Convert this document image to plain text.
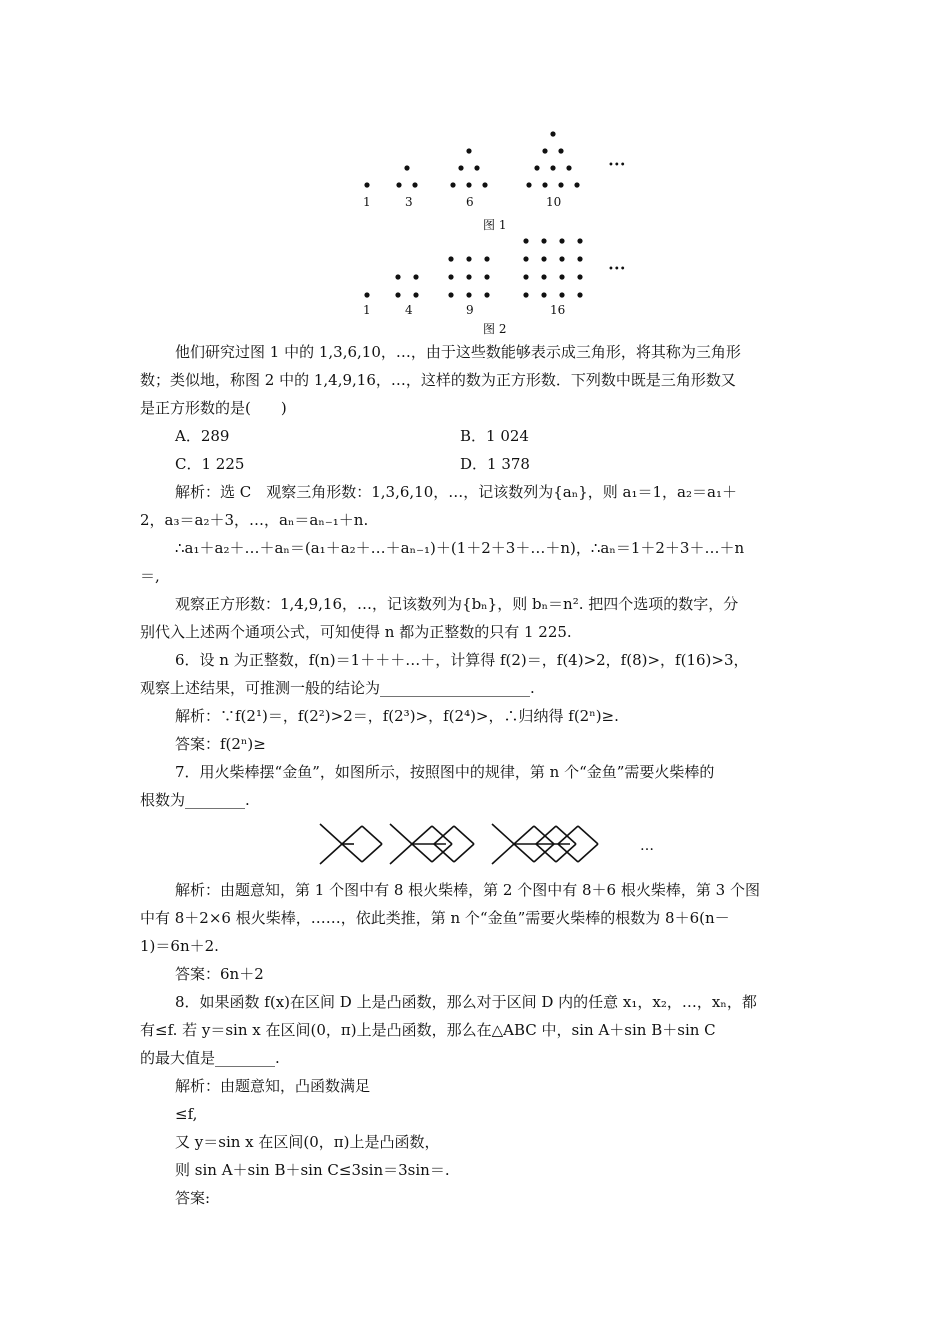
1	3	6	10
•••
图 1
1	4	9	16
•••
图 2
他们研究过图 1 中的 1,3,6,10，…，由于这些数能够表示成三角形，将其称为三角形
数；类似地，称图 2 中的 1,4,9,16，…，这样的数为正方形数．下列数中既是三角形数又
是正方形数的是(　　)
A．289	B．1 024
C．1 225	D．1 378
解析：选 C　观察三角形数：1,3,6,10，…，记该数列为{aₙ}，则 a₁＝1，a₂＝a₁＋
2，a₃＝a₂＋3，…，aₙ＝aₙ₋₁＋n.
∴a₁＋a₂＋…＋aₙ＝(a₁＋a₂＋…＋aₙ₋₁)＋(1＋2＋3＋…＋n)，∴aₙ＝1＋2＋3＋…＋n
＝,
观察正方形数：1,4,9,16，…，记该数列为{bₙ}，则 bₙ＝n². 把四个选项的数字，分
别代入上述两个通项公式，可知使得 n 都为正整数的只有 1 225.
6．设 n 为正整数，f(n)＝1＋＋＋…＋，计算得 f(2)＝，f(4)>2，f(8)>，f(16)>3，
观察上述结果，可推测一般的结论为____________________.
解析：∵f(2¹)＝，f(2²)>2＝，f(2³)>，f(2⁴)>，∴归纳得 f(2ⁿ)≥.
答案：f(2ⁿ)≥
7．用火柴棒摆“金鱼”，如图所示，按照图中的规律，第 n 个“金鱼”需要火柴棒的
根数为________.
…
解析：由题意知，第 1 个图中有 8 根火柴棒，第 2 个图中有 8＋6 根火柴棒，第 3 个图
中有 8＋2×6 根火柴棒，……，依此类推，第 n 个“金鱼”需要火柴棒的根数为 8＋6(n－
1)＝6n＋2.
答案：6n＋2
8．如果函数 f(x)在区间 D 上是凸函数，那么对于区间 D 内的任意 x₁，x₂，…，xₙ，都
有≤f. 若 y＝sin x 在区间(0，π)上是凸函数，那么在△ABC 中，sin A＋sin B＋sin C
的最大值是________.
解析：由题意知，凸函数满足
≤f,
又 y＝sin x 在区间(0，π)上是凸函数，
则 sin A＋sin B＋sin C≤3sin＝3sin＝.
答案:
